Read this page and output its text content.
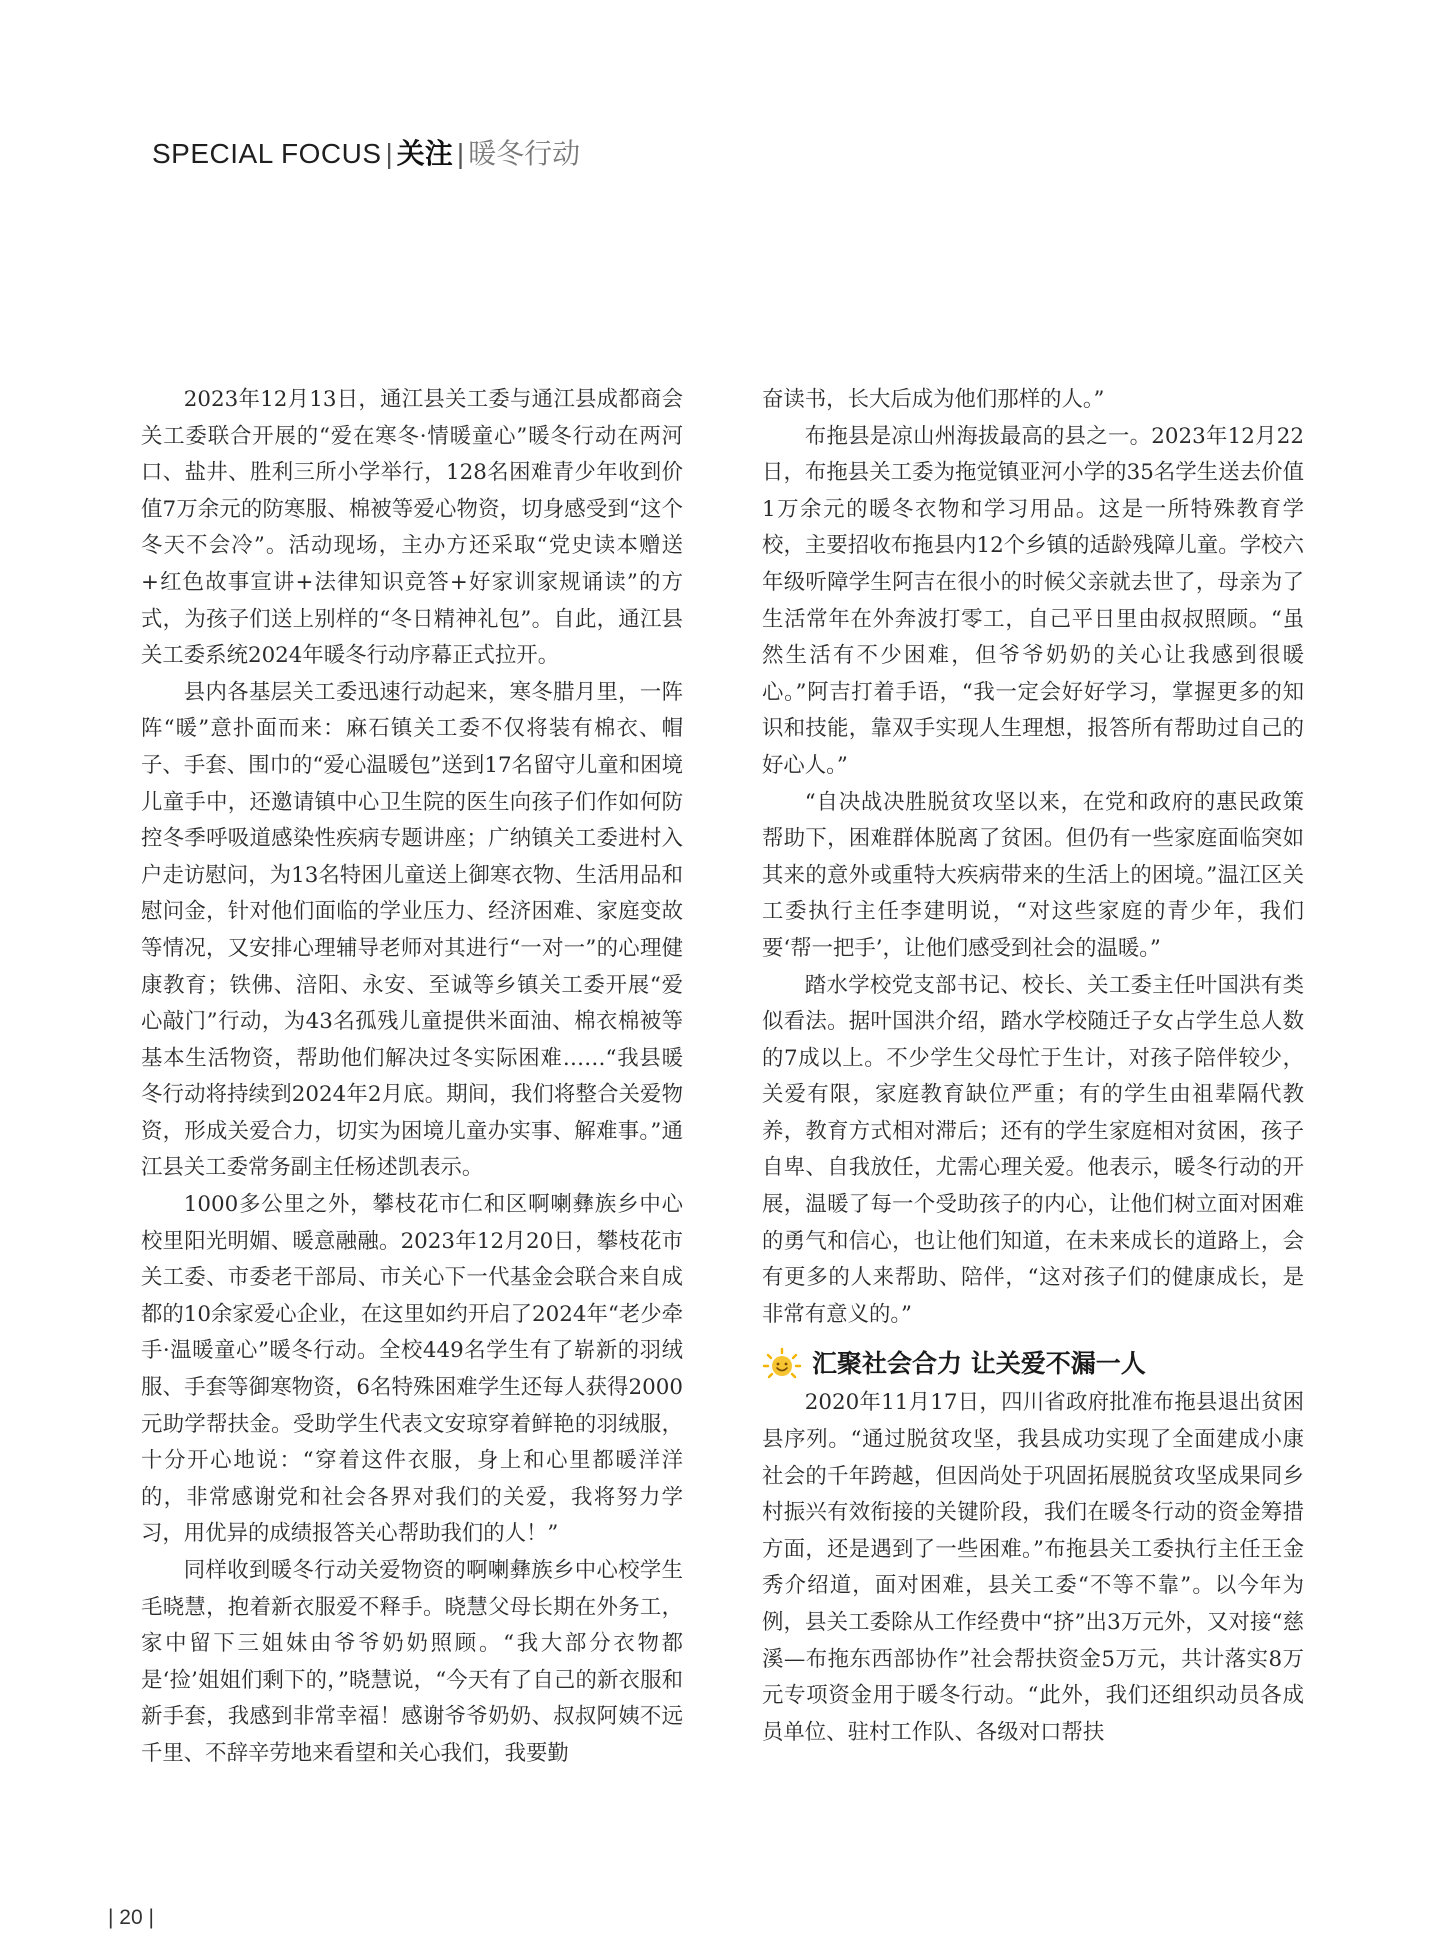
SPECIAL FOCUS | 关注 | 暖冬行动

2023年12月13日，通江县关工委与通江县成都商会关工委联合开展的“爱在寒冬·情暖童心”暖冬行动在两河口、盐井、胜利三所小学举行，128名困难青少年收到价值7万余元的防寒服、棉被等爱心物资，切身感受到“这个冬天不会冷”。活动现场，主办方还采取“党史读本赠送+红色故事宣讲+法律知识竞答+好家训家规诵读”的方式，为孩子们送上别样的“冬日精神礼包”。自此，通江县关工委系统2024年暖冬行动序幕正式拉开。

县内各基层关工委迅速行动起来，寒冬腊月里，一阵阵“暖”意扑面而来：麻石镇关工委不仅将装有棉衣、帽子、手套、围巾的“爱心温暖包”送到17名留守儿童和困境儿童手中，还邀请镇中心卫生院的医生向孩子们作如何防控冬季呼吸道感染性疾病专题讲座；广纳镇关工委进村入户走访慰问，为13名特困儿童送上御寒衣物、生活用品和慰问金，针对他们面临的学业压力、经济困难、家庭变故等情况，又安排心理辅导老师对其进行“一对一”的心理健康教育；铁佛、涪阳、永安、至诚等乡镇关工委开展“爱心敲门”行动，为43名孤残儿童提供米面油、棉衣棉被等基本生活物资，帮助他们解决过冬实际困难……“我县暖冬行动将持续到2024年2月底。期间，我们将整合关爱物资，形成关爱合力，切实为困境儿童办实事、解难事。”通江县关工委常务副主任杨述凯表示。

1000多公里之外，攀枝花市仁和区啊喇彝族乡中心校里阳光明媚、暖意融融。2023年12月20日，攀枝花市关工委、市委老干部局、市关心下一代基金会联合来自成都的10余家爱心企业，在这里如约开启了2024年“老少牵手·温暖童心”暖冬行动。全校449名学生有了崭新的羽绒服、手套等御寒物资，6名特殊困难学生还每人获得2000元助学帮扶金。受助学生代表文安琼穿着鲜艳的羽绒服，十分开心地说：“穿着这件衣服，身上和心里都暖洋洋的，非常感谢党和社会各界对我们的关爱，我将努力学习，用优异的成绩报答关心帮助我们的人！”

同样收到暖冬行动关爱物资的啊喇彝族乡中心校学生毛晓慧，抱着新衣服爱不释手。晓慧父母长期在外务工，家中留下三姐妹由爷爷奶奶照顾。“我大部分衣物都是‘捡’姐姐们剩下的，”晓慧说，“今天有了自己的新衣服和新手套，我感到非常幸福！感谢爷爷奶奶、叔叔阿姨不远千里、不辞辛劳地来看望和关心我们，我要勤

奋读书，长大后成为他们那样的人。”

布拖县是凉山州海拔最高的县之一。2023年12月22日，布拖县关工委为拖觉镇亚河小学的35名学生送去价值1万余元的暖冬衣物和学习用品。这是一所特殊教育学校，主要招收布拖县内12个乡镇的适龄残障儿童。学校六年级听障学生阿吉在很小的时候父亲就去世了，母亲为了生活常年在外奔波打零工，自己平日里由叔叔照顾。“虽然生活有不少困难，但爷爷奶奶的关心让我感到很暖心。”阿吉打着手语，“我一定会好好学习，掌握更多的知识和技能，靠双手实现人生理想，报答所有帮助过自己的好心人。”

“自决战决胜脱贫攻坚以来，在党和政府的惠民政策帮助下，困难群体脱离了贫困。但仍有一些家庭面临突如其来的意外或重特大疾病带来的生活上的困境。”温江区关工委执行主任李建明说，“对这些家庭的青少年，我们要‘帮一把手’，让他们感受到社会的温暖。”

踏水学校党支部书记、校长、关工委主任叶国洪有类似看法。据叶国洪介绍，踏水学校随迁子女占学生总人数的7成以上。不少学生父母忙于生计，对孩子陪伴较少，关爱有限，家庭教育缺位严重；有的学生由祖辈隔代教养，教育方式相对滞后；还有的学生家庭相对贫困，孩子自卑、自我放任，尤需心理关爱。他表示，暖冬行动的开展，温暖了每一个受助孩子的内心，让他们树立面对困难的勇气和信心，也让他们知道，在未来成长的道路上，会有更多的人来帮助、陪伴，“这对孩子们的健康成长，是非常有意义的。”

汇聚社会合力 让关爱不漏一人

2020年11月17日，四川省政府批准布拖县退出贫困县序列。“通过脱贫攻坚，我县成功实现了全面建成小康社会的千年跨越，但因尚处于巩固拓展脱贫攻坚成果同乡村振兴有效衔接的关键阶段，我们在暖冬行动的资金筹措方面，还是遇到了一些困难。”布拖县关工委执行主任王金秀介绍道，面对困难，县关工委“不等不靠”。以今年为例，县关工委除从工作经费中“挤”出3万元外，又对接“慈溪—布拖东西部协作”社会帮扶资金5万元，共计落实8万元专项资金用于暖冬行动。“此外，我们还组织动员各成员单位、驻村工作队、各级对口帮扶

| 20 |
